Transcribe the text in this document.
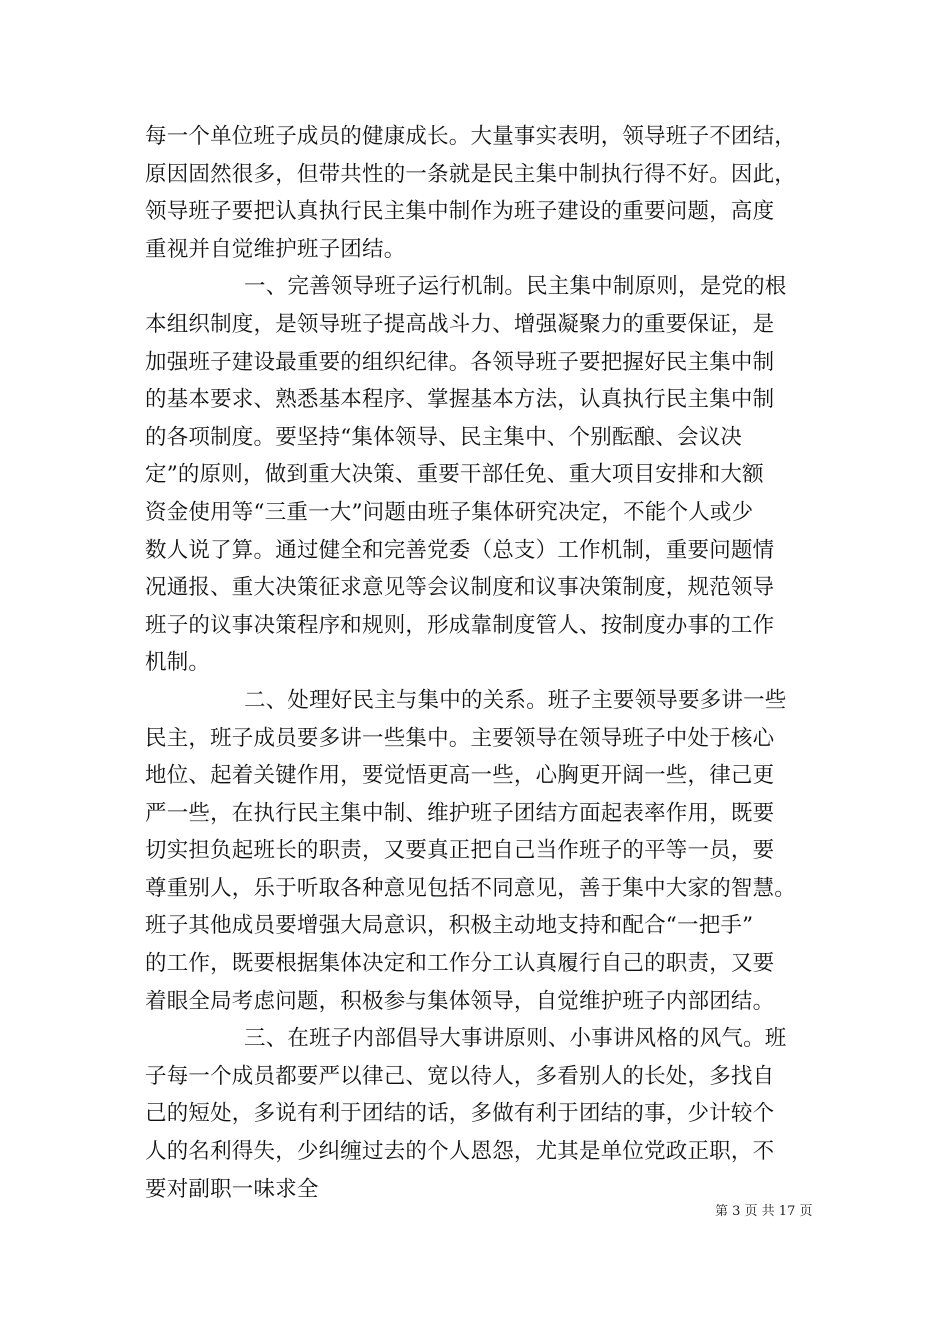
每一个单位班子成员的健康成长。大量事实表明，领导班子不团结，
原因固然很多，但带共性的一条就是民主集中制执行得不好。因此，
领导班子要把认真执行民主集中制作为班子建设的重要问题，高度
重视并自觉维护班子团结。
一、完善领导班子运行机制。民主集中制原则，是党的根
本组织制度，是领导班子提高战斗力、增强凝聚力的重要保证，是
加强班子建设最重要的组织纪律。各领导班子要把握好民主集中制
的基本要求、熟悉基本程序、掌握基本方法，认真执行民主集中制
的各项制度。要坚持“集体领导、民主集中、个别酝酿、会议决
定”的原则，做到重大决策、重要干部任免、重大项目安排和大额
资金使用等“三重一大”问题由班子集体研究决定，不能个人或少
数人说了算。通过健全和完善党委（总支）工作机制，重要问题情
况通报、重大决策征求意见等会议制度和议事决策制度，规范领导
班子的议事决策程序和规则，形成靠制度管人、按制度办事的工作
机制。
二、处理好民主与集中的关系。班子主要领导要多讲一些
民主，班子成员要多讲一些集中。主要领导在领导班子中处于核心
地位、起着关键作用，要觉悟更高一些，心胸更开阔一些，律己更
严一些，在执行民主集中制、维护班子团结方面起表率作用，既要
切实担负起班长的职责，又要真正把自己当作班子的平等一员，要
尊重别人，乐于听取各种意见包括不同意见，善于集中大家的智慧。
班子其他成员要增强大局意识，积极主动地支持和配合“一把手”
的工作，既要根据集体决定和工作分工认真履行自己的职责，又要
着眼全局考虑问题，积极参与集体领导，自觉维护班子内部团结。
三、在班子内部倡导大事讲原则、小事讲风格的风气。班
子每一个成员都要严以律己、宽以待人，多看别人的长处，多找自
己的短处，多说有利于团结的话，多做有利于团结的事，少计较个
人的名利得失，少纠缠过去的个人恩怨，尤其是单位党政正职，不
要对副职一味求全
第 3 页 共 17 页
